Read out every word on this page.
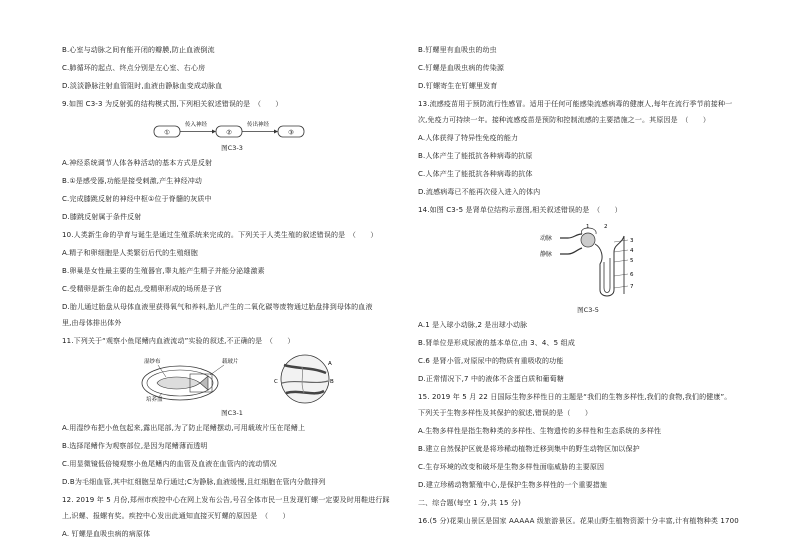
B.心室与动脉之间有能开闭的瓣膜,防止血液倒流
C.肺循环的起点、终点分别是左心室、右心房
D.淡淡静脉注射血管阻时,血液由静脉血变成动脉血
9.如图 C3-3 为反射弧的结构模式图,下列相关叙述错误的是　（　　）
①
传入神经
②
传出神经
③
图C3-3
A.神经系统调节人体各种活动的基本方式是反射
B.①是感受器,功能是接受刺激,产生神经冲动
C.完成膝跳反射的神经中枢①位于脊髓的灰质中
D.膝跳反射属于条件反射
10.人类新生命的孕育与诞生是通过生殖系统来完成的。下列关于人类生殖的叙述错误的是　（　　）
A.精子和卵细胞是人类繁衍后代的生殖细胞
B.卵巢是女性最主要的生殖器官,睾丸能产生精子并能分泌雄激素
C.受精卵是新生命的起点,受精卵形成的场所是子宫
D.胎儿通过胎盘从母体血液里获得氧气和养料,胎儿产生的二氧化碳等废物通过胎盘排到母体的血液
里,由母体排出体外
11.下列关于“观察小鱼尾鳍内血液流动”实验的叙述,不正确的是　（　　）
湿纱布	载玻片
培养皿
A
B
C
图C3-1
A.用湿纱布把小鱼包起来,露出尾部,为了防止尾鳍摆动,可用载玻片压在尾鳍上
B.选择尾鳍作为观察部位,是因为尾鳍薄而透明
C.用显微镜低倍镜观察小鱼尾鳍内的血管及血液在血管内的流动情况
D.B为毛细血管,其中红细胞呈单行通过;C为静脉,血液缓慢,且红细胞在管内分散排列
12. 2019 年 5 月份,郑州市疾控中心在网上发布公告,号召全体市民一旦发现钉螺一定要及时用鞋进行踩
上,识螺、报螺有奖。疾控中心发出此通知直接灭钉螺的原因是　（　　）
A. 钉螺是血吸虫病的病原体
B.钉螺里有血吸虫的幼虫
C.钉螺是血吸虫病的传染源
D.钉螺寄生在钉螺里发育
13.流感疫苗用于预防流行性感冒。适用于任何可能感染流感病毒的健康人,每年在流行季节前接种一
次,免疫力可持续一年。接种流感疫苗是预防和控制流感的主要措施之一。其原因是　（　　）
A.人体获得了特异性免疫的能力
B.人体产生了能抵抗各种病毒的抗原
C.人体产生了能抵抗各种病毒的抗体
D.流感病毒已不能再次侵入进入的体内
14.如图 C3-5 是肾单位结构示意图,相关叙述错误的是　（　　）
动脉
静脉
1	2
3
4
5
6
7
图C3-5
A.1 是入球小动脉,2 是出球小动脉
B.肾单位是形成尿液的基本单位,由 3、4、5 组成
C.6 是肾小管,对原尿中的物质有重吸收的功能
D.正常情况下,7 中的液体不含蛋白质和葡萄糖
15. 2019 年 5 月 22 日国际生物多样性日的主题是“我们的生物多样性,我们的食物,我们的健康”。
下列关于生物多样性及其保护的叙述,错误的是（　　）
A.生物多样性是指生物种类的多样性、生物遗传的多样性和生态系统的多样性
B.建立自然保护区就是将珍稀动植物迁移到集中的野生动物区加以保护
C.生存环境的改变和破坏是生物多样性面临威胁的主要原因
D.建立珍稀动物繁殖中心,是保护生物多样性的一个重要措施
二、综合题(每空 1 分,共 15 分)
16.(5 分)花果山景区是国家 AAAAA 级旅游景区。花果山野生植物资源十分丰富,计有植物种类 1700
